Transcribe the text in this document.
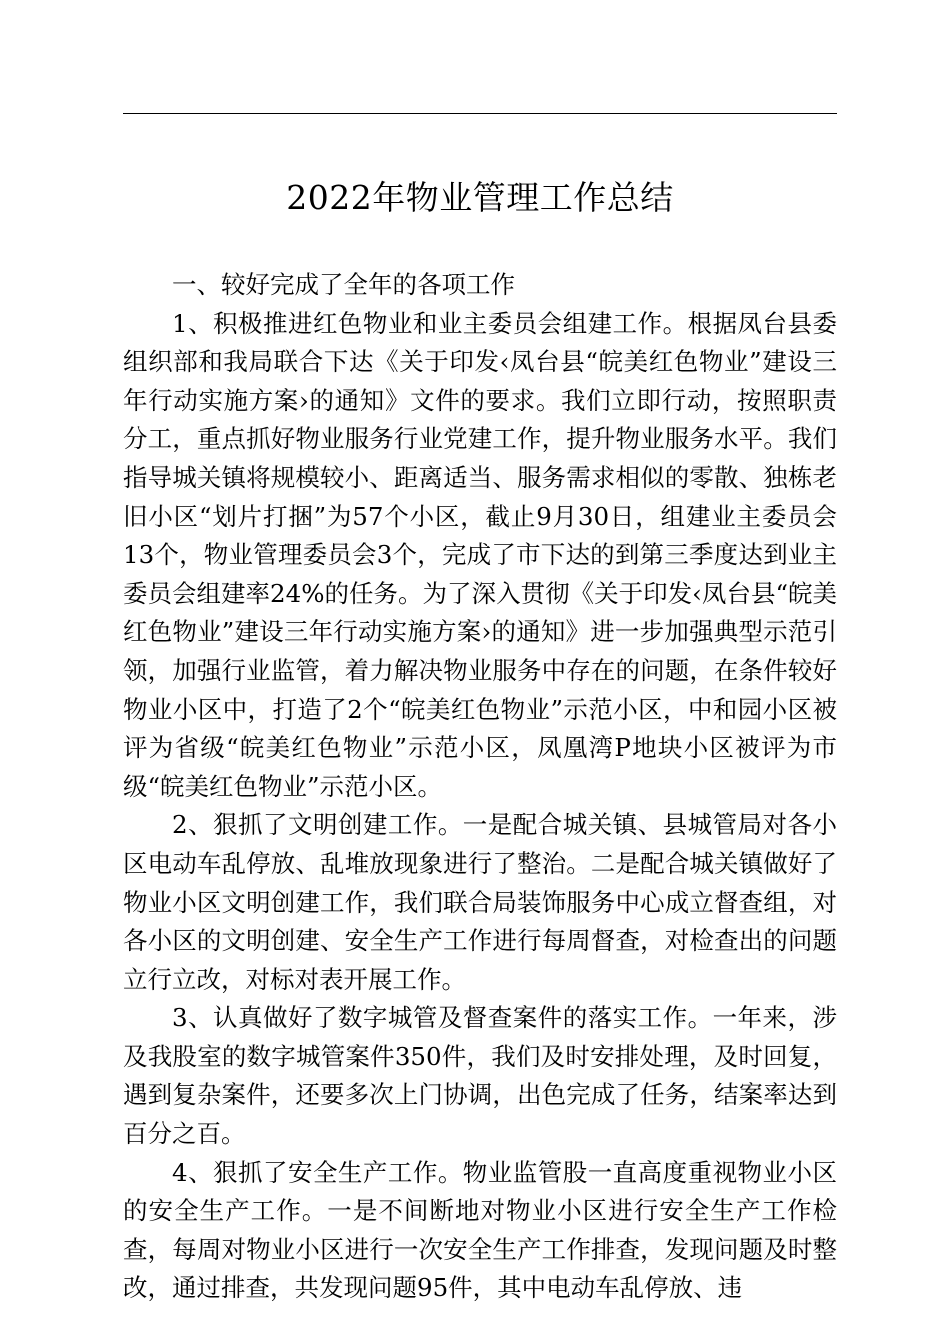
2022年物业管理工作总结

一、较好完成了全年的各项工作

1、积极推进红色物业和业主委员会组建工作。根据凤台县委组织部和我局联合下达《关于印发‹凤台县“皖美红色物业”建设三年行动实施方案›的通知》文件的要求。我们立即行动，按照职责分工，重点抓好物业服务行业党建工作，提升物业服务水平。我们指导城关镇将规模较小、距离适当、服务需求相似的零散、独栋老旧小区“划片打捆”为57个小区，截止9月30日，组建业主委员会13个，物业管理委员会3个，完成了市下达的到第三季度达到业主委员会组建率24%的任务。为了深入贯彻《关于印发‹凤台县“皖美红色物业”建设三年行动实施方案›的通知》进一步加强典型示范引领，加强行业监管，着力解决物业服务中存在的问题，在条件较好物业小区中，打造了2个“皖美红色物业”示范小区，中和园小区被评为省级“皖美红色物业”示范小区，凤凰湾P地块小区被评为市级“皖美红色物业”示范小区。

2、狠抓了文明创建工作。一是配合城关镇、县城管局对各小区电动车乱停放、乱堆放现象进行了整治。二是配合城关镇做好了物业小区文明创建工作，我们联合局装饰服务中心成立督查组，对各小区的文明创建、安全生产工作进行每周督查，对检查出的问题立行立改，对标对表开展工作。

3、认真做好了数字城管及督查案件的落实工作。一年来，涉及我股室的数字城管案件350件，我们及时安排处理，及时回复，遇到复杂案件，还要多次上门协调，出色完成了任务，结案率达到百分之百。

4、狠抓了安全生产工作。物业监管股一直高度重视物业小区的安全生产工作。一是不间断地对物业小区进行安全生产工作检查，每周对物业小区进行一次安全生产工作排查，发现问题及时整改，通过排查，共发现问题95件，其中电动车乱停放、违
